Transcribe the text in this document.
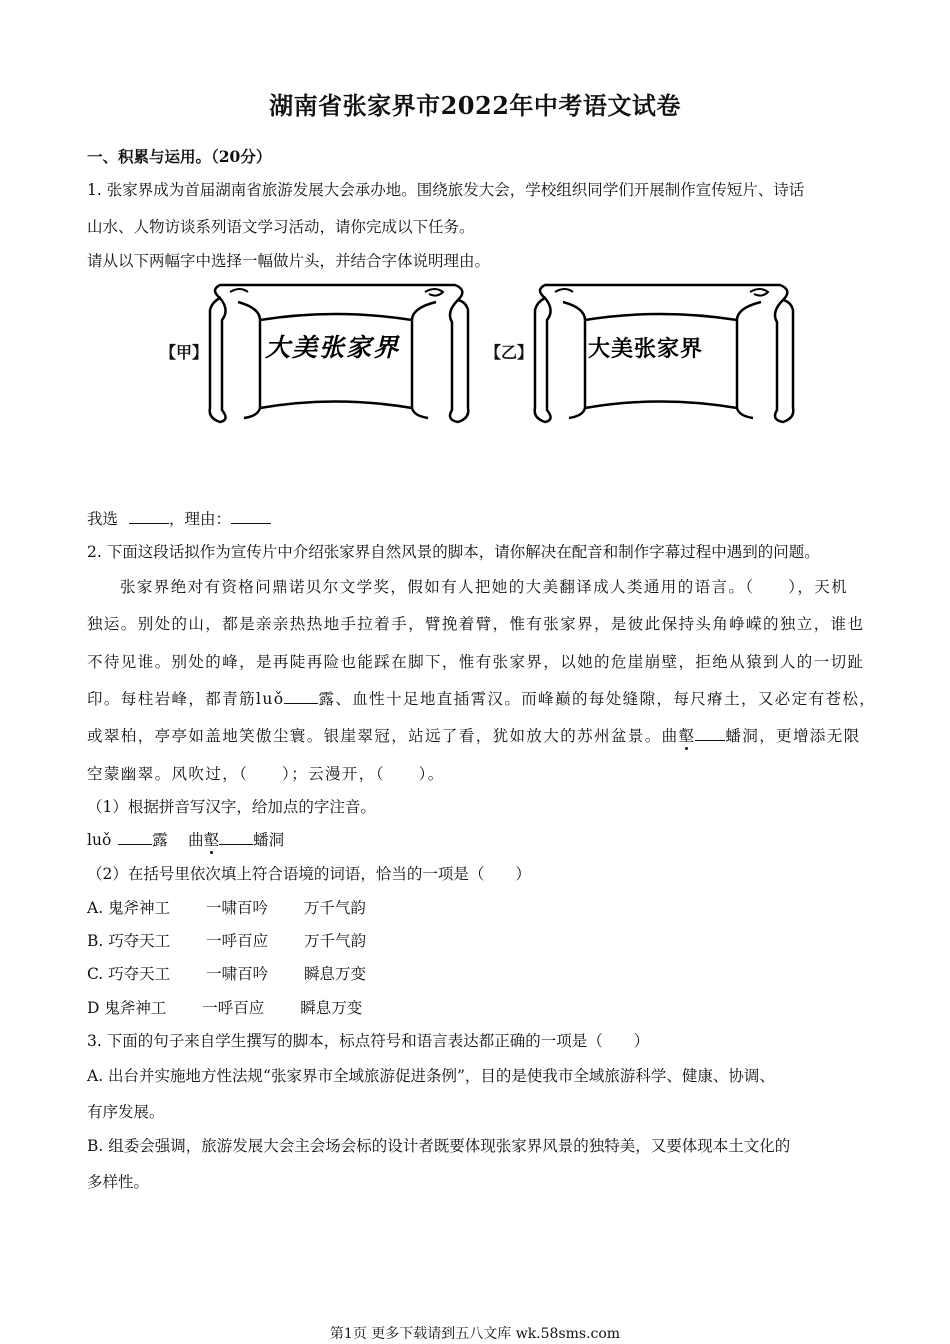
湖南省张家界市2022年中考语文试卷
一、积累与运用。（20分）
1. 张家界成为首届湖南省旅游发展大会承办地。围绕旅发大会，学校组织同学们开展制作宣传短片、诗话
山水、人物访谈系列语文学习活动，请你完成以下任务。
请从以下两幅字中选择一幅做片头，并结合字体说明理由。
【甲】 大美张家界	【乙】 大美张家界
我选	，理由：
2. 下面这段话拟作为宣传片中介绍张家界自然风景的脚本，请你解决在配音和制作字幕过程中遇到的问题。
张家界绝对有资格问鼎诺贝尔文学奖，假如有人把她的大美翻译成人类通用的语言。（　　），天机
独运。别处的山，都是亲亲热热地手拉着手，臂挽着臂，惟有张家界，是彼此保持头角峥嵘的独立，谁也
不待见谁。别处的峰，是再陡再险也能踩在脚下，惟有张家界，以她的危崖崩壁，拒绝从猿到人的一切趾
印。每柱岩峰，都青筋luǒ 露、血性十足地直插霄汉。而峰巅的每处缝隙，每尺瘠土，又必定有苍松，
或翠柏，亭亭如盖地笑傲尘寰。银崖翠冠，站远了看，犹如放大的苏州盆景。曲壑 蟠洞，更增添无限
空蒙幽翠。风吹过，（　　）；云漫开，（　　）。
（1）根据拼音写汉字，给加点的字注音。
luǒ	露　 曲壑 蟠洞
（2）在括号里依次填上符合语境的词语，恰当的一项是（　　）
A. 鬼斧神工　　 一啸百吟　　 万千气韵
B. 巧夺天工　　 一呼百应　　 万千气韵
C. 巧夺天工　　 一啸百吟　　 瞬息万变
D 鬼斧神工　　 一呼百应　　 瞬息万变
3. 下面的句子来自学生撰写的脚本，标点符号和语言表达都正确的一项是（　　）
A. 出台并实施地方性法规“张家界市全域旅游促进条例”，目的是使我市全域旅游科学、健康、协调、
有序发展。
B. 组委会强调，旅游发展大会主会场会标的设计者既要体现张家界风景的独特美，又要体现本土文化的
多样性。
第1页 更多下载请到五八文库 wk.58sms.com
